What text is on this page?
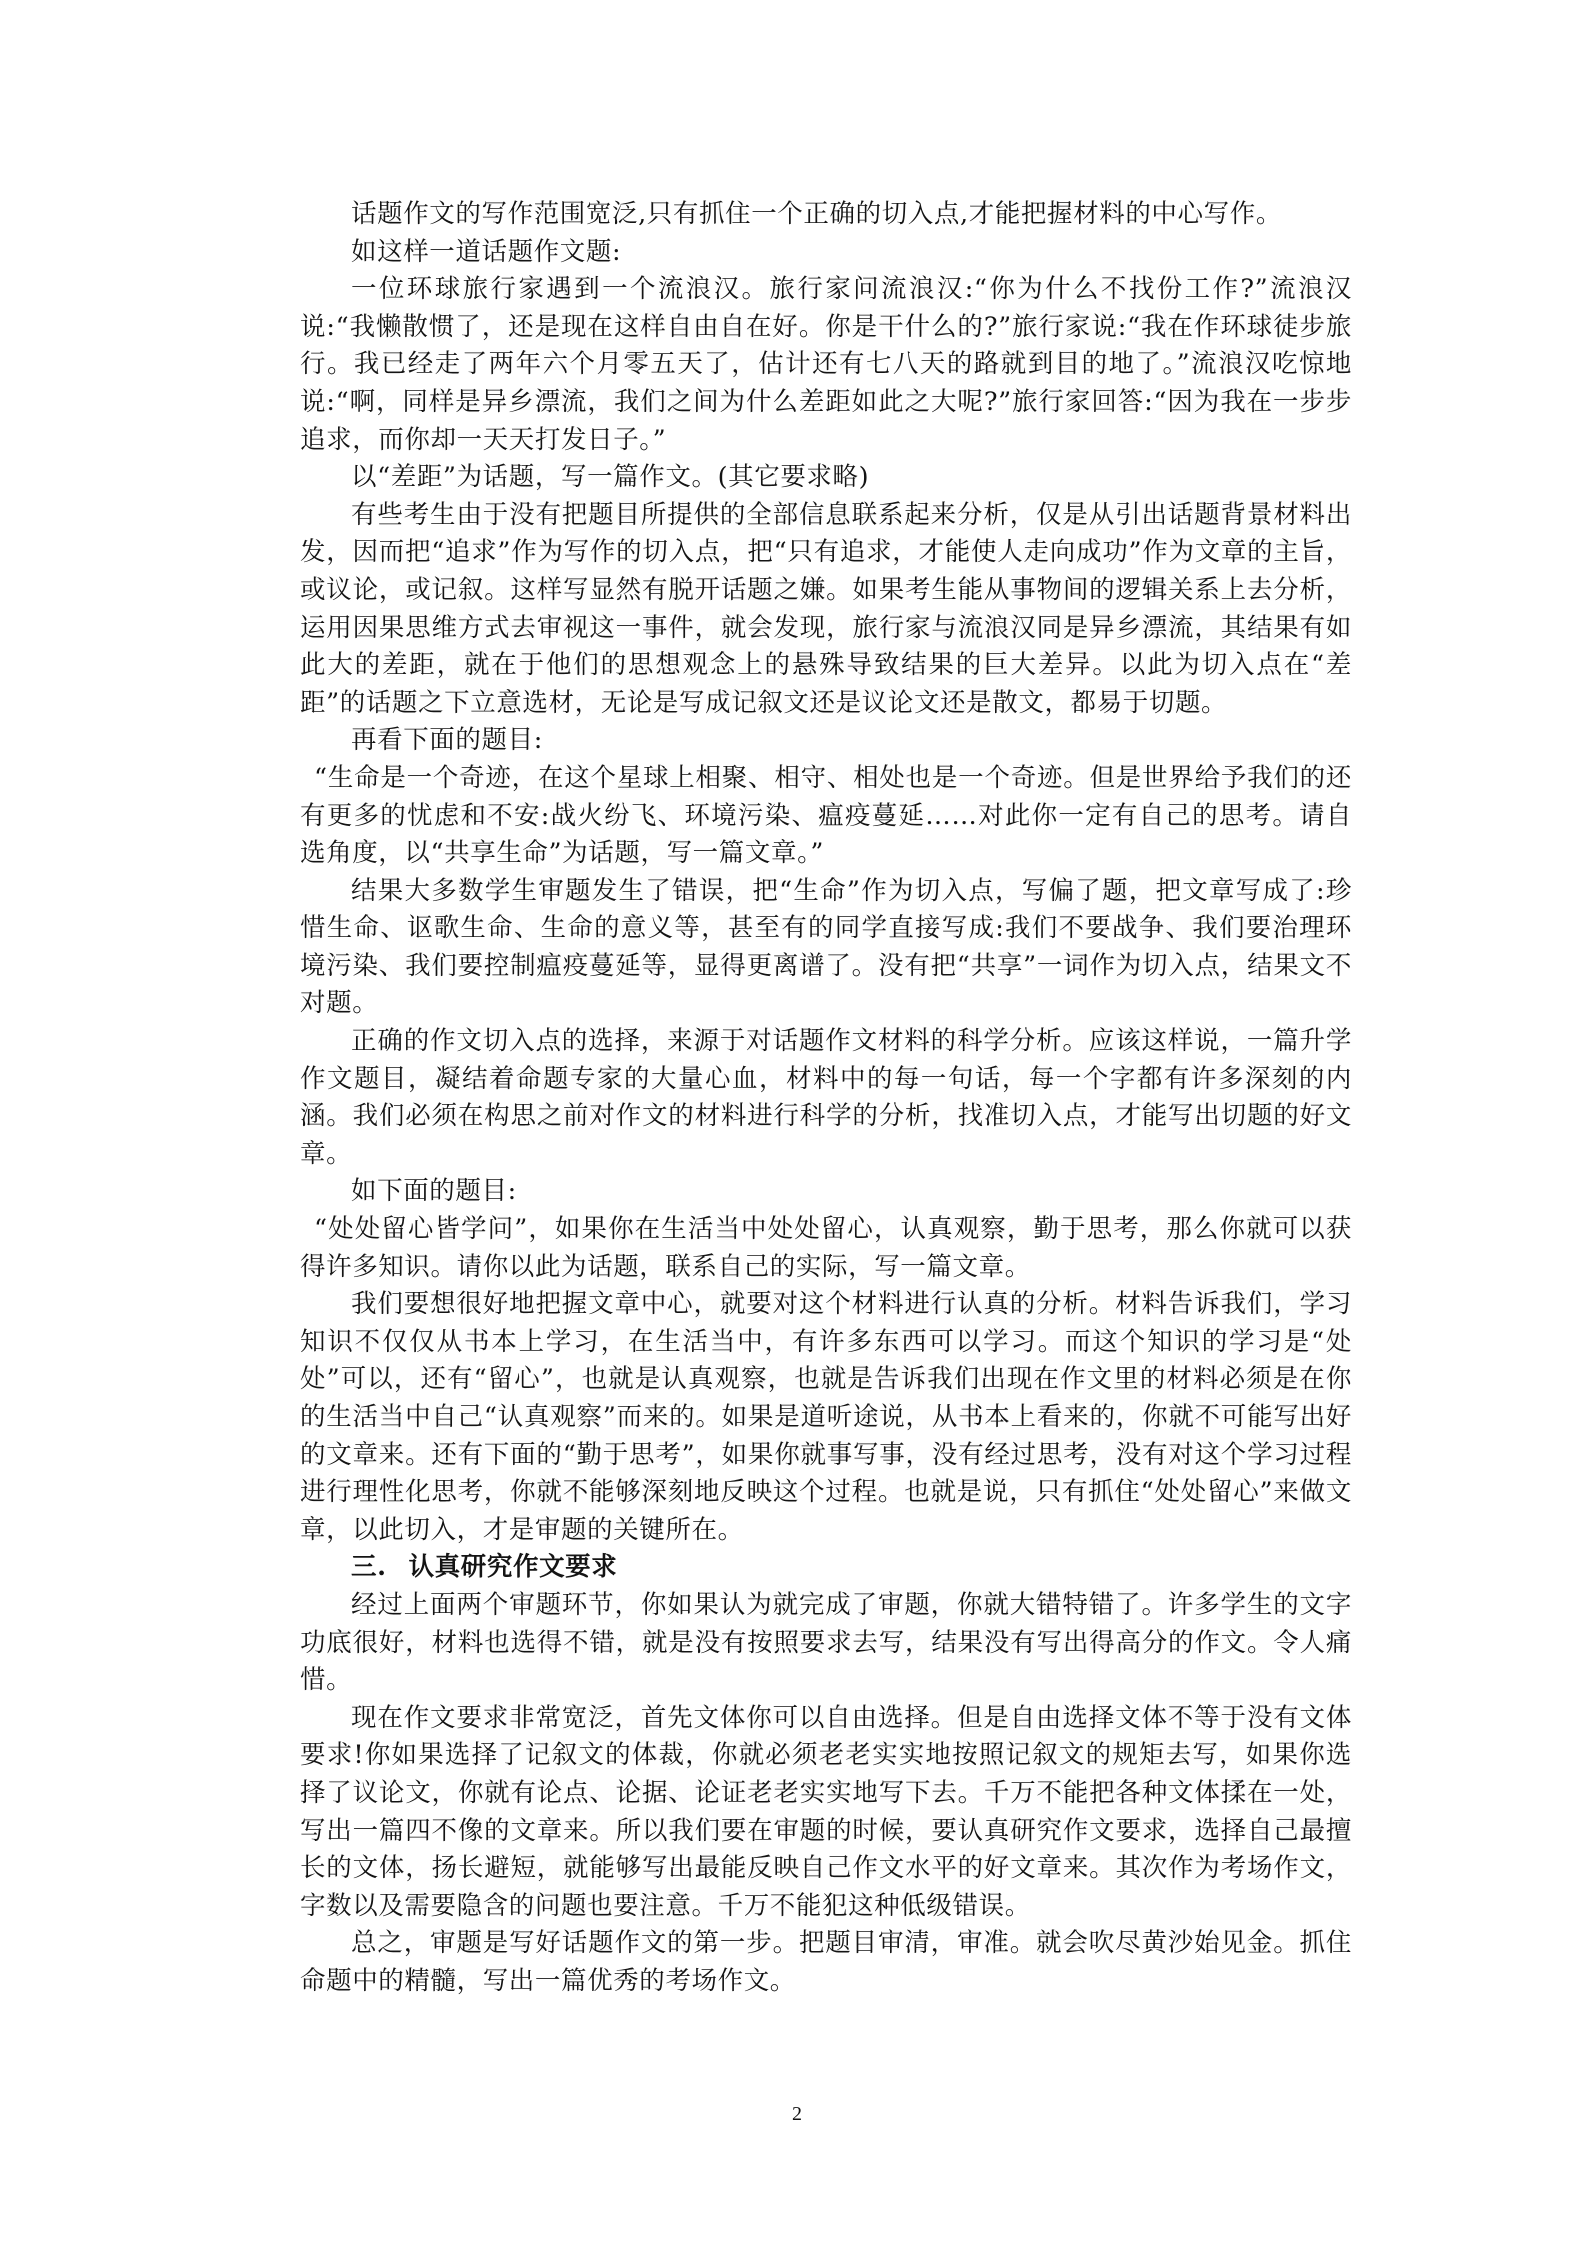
话题作文的写作范围宽泛,只有抓住一个正确的切入点,才能把握材料的中心写作。

如这样一道话题作文题:

一位环球旅行家遇到一个流浪汉。旅行家问流浪汉:“你为什么不找份工作?”流浪汉说:“我懒散惯了，还是现在这样自由自在好。你是干什么的?”旅行家说:“我在作环球徒步旅行。我已经走了两年六个月零五天了，估计还有七八天的路就到目的地了。”流浪汉吃惊地说:“啊，同样是异乡漂流，我们之间为什么差距如此之大呢?”旅行家回答:“因为我在一步步追求，而你却一天天打发日子。”

以“差距”为话题，写一篇作文。(其它要求略)

有些考生由于没有把题目所提供的全部信息联系起来分析，仅是从引出话题背景材料出发，因而把“追求”作为写作的切入点，把“只有追求，才能使人走向成功”作为文章的主旨，或议论，或记叙。这样写显然有脱开话题之嫌。如果考生能从事物间的逻辑关系上去分析，运用因果思维方式去审视这一事件，就会发现，旅行家与流浪汉同是异乡漂流，其结果有如此大的差距，就在于他们的思想观念上的悬殊导致结果的巨大差异。以此为切入点在“差距”的话题之下立意选材，无论是写成记叙文还是议论文还是散文，都易于切题。

再看下面的题目:

“生命是一个奇迹，在这个星球上相聚、相守、相处也是一个奇迹。但是世界给予我们的还有更多的忧虑和不安:战火纷飞、环境污染、瘟疫蔓延……对此你一定有自己的思考。请自选角度，以“共享生命”为话题，写一篇文章。”

结果大多数学生审题发生了错误，把“生命”作为切入点，写偏了题，把文章写成了:珍惜生命、讴歌生命、生命的意义等，甚至有的同学直接写成:我们不要战争、我们要治理环境污染、我们要控制瘟疫蔓延等，显得更离谱了。没有把“共享”一词作为切入点，结果文不对题。

正确的作文切入点的选择，来源于对话题作文材料的科学分析。应该这样说，一篇升学作文题目，凝结着命题专家的大量心血，材料中的每一句话，每一个字都有许多深刻的内涵。我们必须在构思之前对作文的材料进行科学的分析，找准切入点，才能写出切题的好文章。

如下面的题目:

“处处留心皆学问”，如果你在生活当中处处留心，认真观察，勤于思考，那么你就可以获得许多知识。请你以此为话题，联系自己的实际，写一篇文章。

我们要想很好地把握文章中心，就要对这个材料进行认真的分析。材料告诉我们，学习知识不仅仅从书本上学习，在生活当中，有许多东西可以学习。而这个知识的学习是“处处”可以，还有“留心”，也就是认真观察，也就是告诉我们出现在作文里的材料必须是在你的生活当中自己“认真观察”而来的。如果是道听途说，从书本上看来的，你就不可能写出好的文章来。还有下面的“勤于思考”，如果你就事写事，没有经过思考，没有对这个学习过程进行理性化思考，你就不能够深刻地反映这个过程。也就是说，只有抓住“处处留心”来做文章，以此切入，才是审题的关键所在。

三. 认真研究作文要求

经过上面两个审题环节，你如果认为就完成了审题，你就大错特错了。许多学生的文字功底很好，材料也选得不错，就是没有按照要求去写，结果没有写出得高分的作文。令人痛惜。

现在作文要求非常宽泛，首先文体你可以自由选择。但是自由选择文体不等于没有文体要求!你如果选择了记叙文的体裁，你就必须老老实实地按照记叙文的规矩去写，如果你选择了议论文，你就有论点、论据、论证老老实实地写下去。千万不能把各种文体揉在一处，写出一篇四不像的文章来。所以我们要在审题的时候，要认真研究作文要求，选择自己最擅长的文体，扬长避短，就能够写出最能反映自己作文水平的好文章来。其次作为考场作文，字数以及需要隐含的问题也要注意。千万不能犯这种低级错误。

总之，审题是写好话题作文的第一步。把题目审清，审准。就会吹尽黄沙始见金。抓住命题中的精髓，写出一篇优秀的考场作文。

2
